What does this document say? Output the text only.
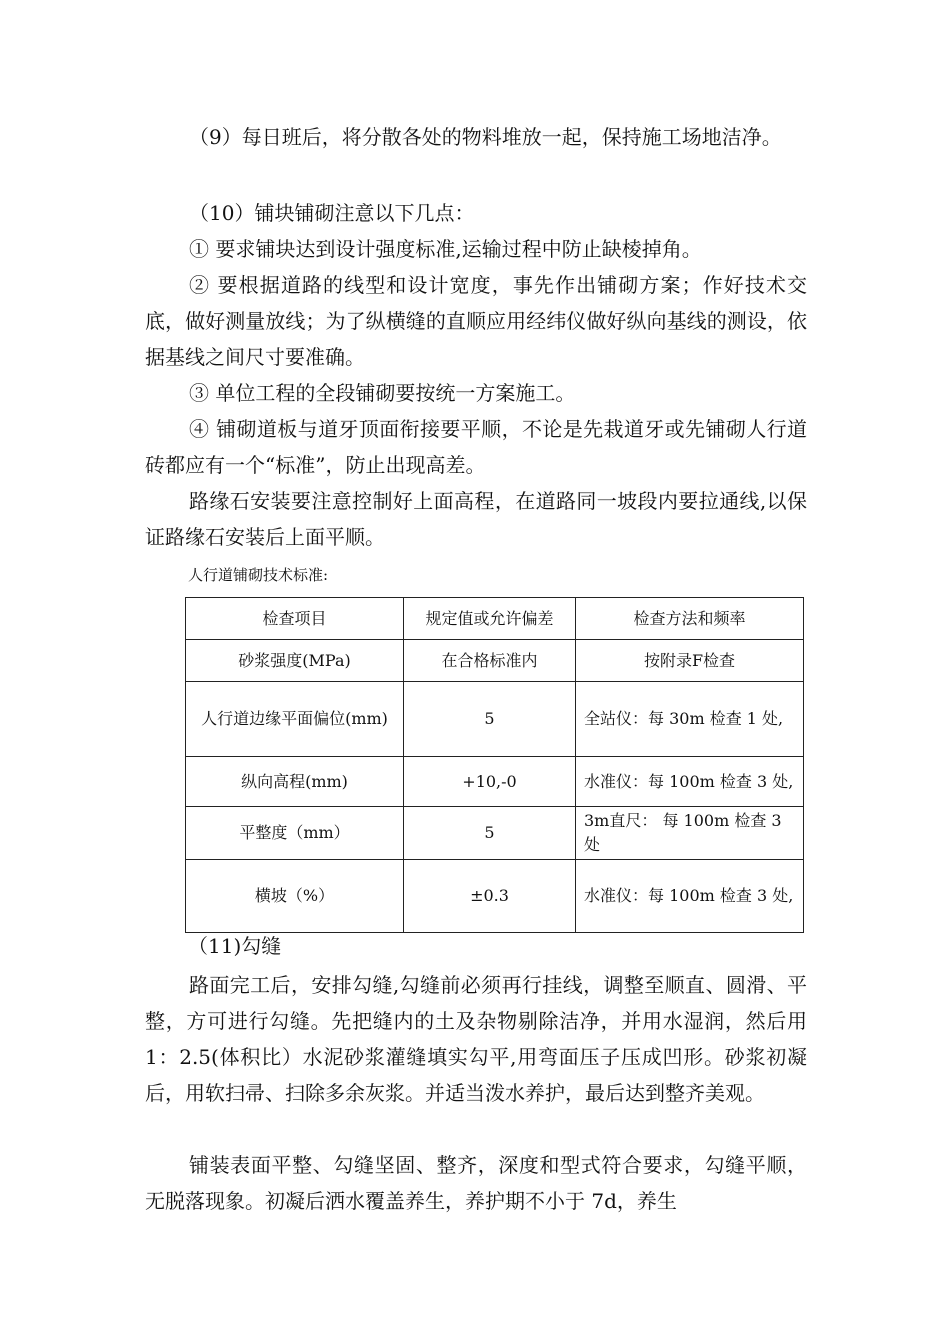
（9）每日班后，将分散各处的物料堆放一起，保持施工场地洁净。

（10）铺块铺砌注意以下几点：

① 要求铺块达到设计强度标准,运输过程中防止缺棱掉角。

② 要根据道路的线型和设计宽度，事先作出铺砌方案；作好技术交底，做好测量放线；为了纵横缝的直顺应用经纬仪做好纵向基线的测设，依据基线之间尺寸要准确。

③ 单位工程的全段铺砌要按统一方案施工。

④ 铺砌道板与道牙顶面衔接要平顺，不论是先栽道牙或先铺砌人行道砖都应有一个“标准”，防止出现高差。

路缘石安装要注意控制好上面高程，在道路同一坡段内要拉通线,以保证路缘石安装后上面平顺。

人行道铺砌技术标准:
检查项目	规定值或允许偏差	检查方法和频率
砂浆强度(MPa)	在合格标准内	按附录F检查
人行道边缘平面偏位(mm)	5	全站仪：每 30m 检查 1 处,
纵向高程(mm)	+10,-0	水准仪：每 100m 检查 3 处,
平整度（mm）	5	3m直尺： 每 100m 检查 3 处
横坡（%）	±0.3	水准仪：每 100m 检查 3 处,
（11)勾缝

路面完工后，安排勾缝,勾缝前必须再行挂线，调整至顺直、圆滑、平整，方可进行勾缝。先把缝内的土及杂物剔除洁净，并用水湿润，然后用 1：2.5(体积比）水泥砂浆灌缝填实勾平,用弯面压子压成凹形。砂浆初凝后，用软扫帚、扫除多余灰浆。并适当泼水养护，最后达到整齐美观。

铺装表面平整、勾缝坚固、整齐，深度和型式符合要求，勾缝平顺，无脱落现象。初凝后洒水覆盖养生，养护期不小于 7d，养生
